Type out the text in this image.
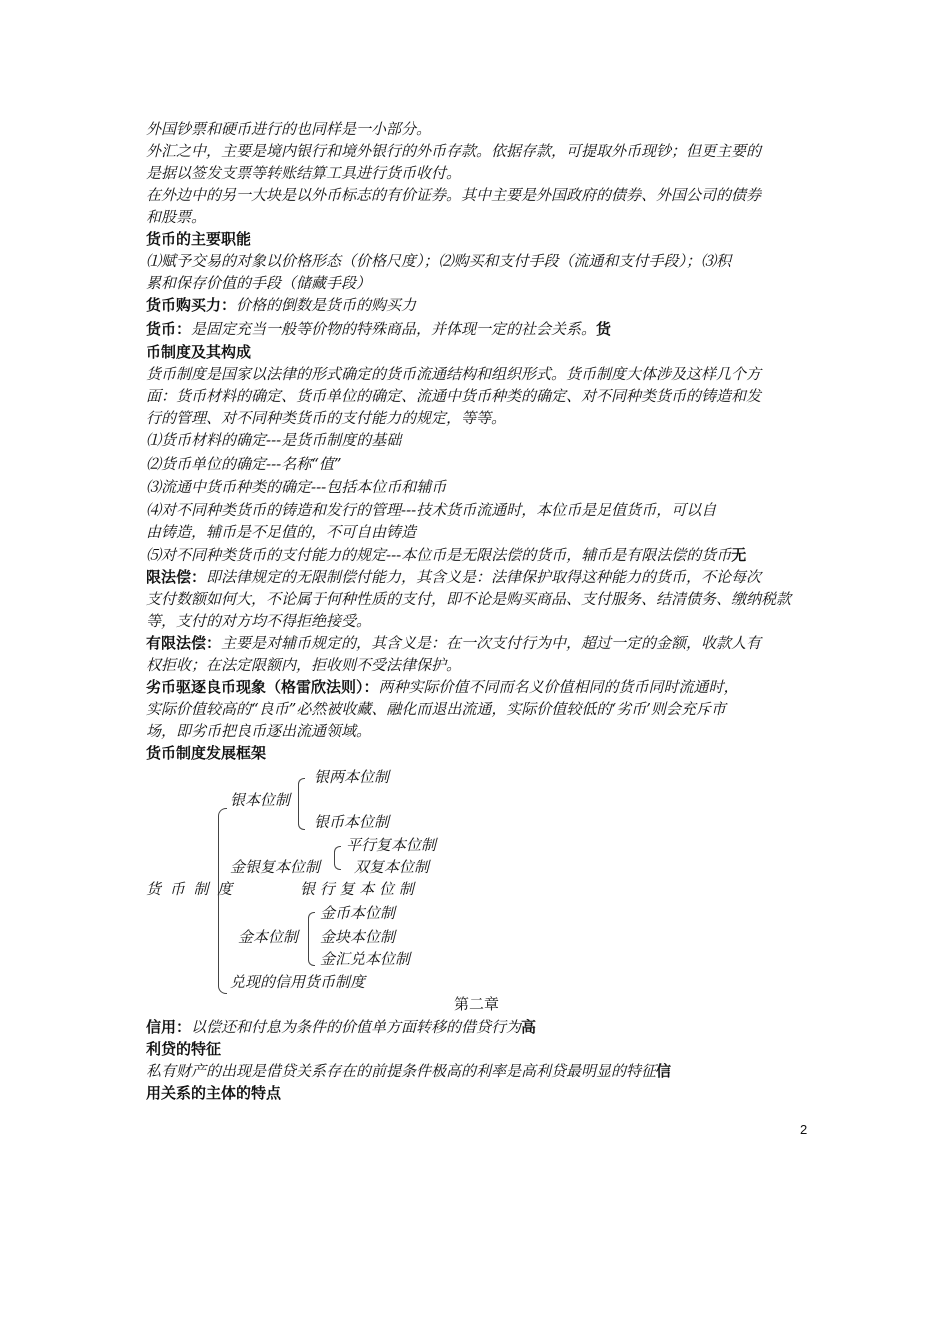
外国钞票和硬币进行的也同样是一小部分。
外汇之中，主要是境内银行和境外银行的外币存款。依据存款，可提取外币现钞；但更主要的
是据以签发支票等转账结算工具进行货币收付。
在外边中的另一大块是以外币标志的有价证券。其中主要是外国政府的债券、外国公司的债券
和股票。
货币的主要职能
⑴赋予交易的对象以价格形态（价格尺度）；⑵购买和支付手段（流通和支付手段）；⑶积
累和保存价值的手段（储藏手段）
货币购买力：价格的倒数是货币的购买力
货币：是固定充当一般等价物的特殊商品，并体现一定的社会关系。货
币制度及其构成
货币制度是国家以法律的形式确定的货币流通结构和组织形式。货币制度大体涉及这样几个方
面：货币材料的确定、货币单位的确定、流通中货币种类的确定、对不同种类货币的铸造和发
行的管理、对不同种类货币的支付能力的规定，等等。
⑴货币材料的确定---是货币制度的基础
⑵货币单位的确定---名称“值”
⑶流通中货币种类的确定---包括本位币和辅币
⑷对不同种类货币的铸造和发行的管理---技术货币流通时，本位币是足值货币，可以自
由铸造，辅币是不足值的，不可自由铸造
⑸对不同种类货币的支付能力的规定---本位币是无限法偿的货币，辅币是有限法偿的货币无
限法偿：即法律规定的无限制偿付能力，其含义是：法律保护取得这种能力的货币，不论每次
支付数额如何大，不论属于何种性质的支付，即不论是购买商品、支付服务、结清债务、缴纳税款
等，支付的对方均不得拒绝接受。
有限法偿：主要是对辅币规定的，其含义是：在一次支付行为中，超过一定的金额，收款人有
权拒收；在法定限额内，拒收则不受法律保护。
劣币驱逐良币现象（格雷欣法则）：两种实际价值不同而名义价值相同的货币同时流通时，
实际价值较高的“良币”必然被收藏、融化而退出流通，实际价值较低的‘劣币’则会充斥市
场，即劣币把良币逐出流通领域。
货币制度发展框架
信用：以偿还和付息为条件的价值单方面转移的借贷行为高
利贷的特征
私有财产的出现是借贷关系存在的前提条件极高的利率是高利贷最明显的特征信
用关系的主体的特点
货 币 制 度
银本位制
银两本位制
银币本位制
金银复本位制
平行复本位制
双复本位制
银 行 复 本 位 制
金本位制
金币本位制
金块本位制
金汇兑本位制
兑现的信用货币制度
第二章
2
